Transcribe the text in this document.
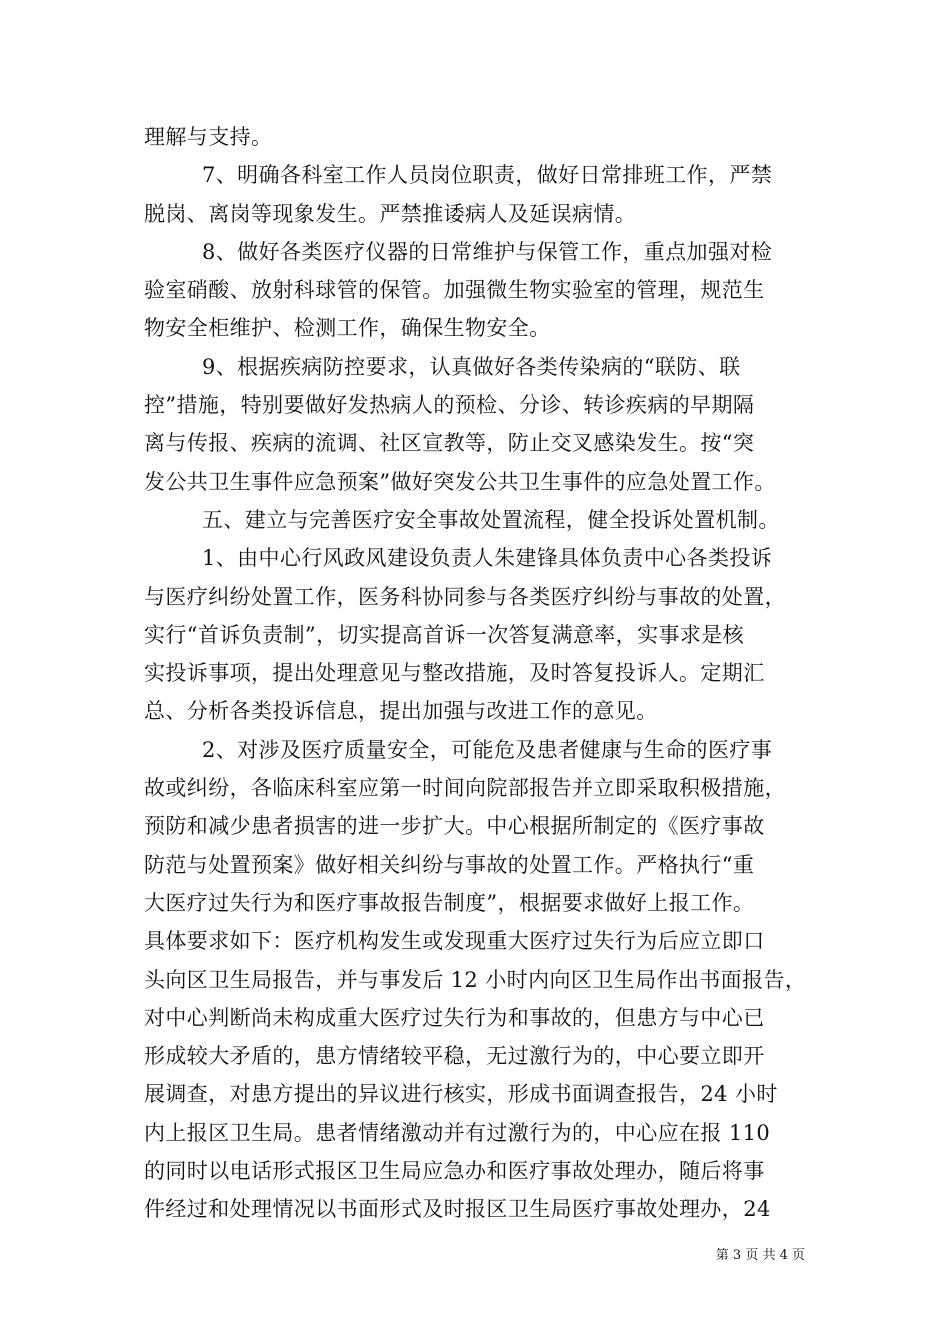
理解与支持。
7、明确各科室工作人员岗位职责，做好日常排班工作，严禁
脱岗、离岗等现象发生。严禁推诿病人及延误病情。
8、做好各类医疗仪器的日常维护与保管工作，重点加强对检
验室硝酸、放射科球管的保管。加强微生物实验室的管理，规范生
物安全柜维护、检测工作，确保生物安全。
9、根据疾病防控要求，认真做好各类传染病的“联防、联
控”措施，特别要做好发热病人的预检、分诊、转诊疾病的早期隔
离与传报、疾病的流调、社区宣教等，防止交叉感染发生。按“突
发公共卫生事件应急预案”做好突发公共卫生事件的应急处置工作。
五、建立与完善医疗安全事故处置流程，健全投诉处置机制。
1、由中心行风政风建设负责人朱建锋具体负责中心各类投诉
与医疗纠纷处置工作，医务科协同参与各类医疗纠纷与事故的处置，
实行“首诉负责制”，切实提高首诉一次答复满意率，实事求是核
实投诉事项，提出处理意见与整改措施，及时答复投诉人。定期汇
总、分析各类投诉信息，提出加强与改进工作的意见。
2、对涉及医疗质量安全，可能危及患者健康与生命的医疗事
故或纠纷，各临床科室应第一时间向院部报告并立即采取积极措施，
预防和减少患者损害的进一步扩大。中心根据所制定的《医疗事故
防范与处置预案》做好相关纠纷与事故的处置工作。严格执行“重
大医疗过失行为和医疗事故报告制度”，根据要求做好上报工作。
具体要求如下：医疗机构发生或发现重大医疗过失行为后应立即口
头向区卫生局报告，并与事发后 12 小时内向区卫生局作出书面报告，
对中心判断尚未构成重大医疗过失行为和事故的，但患方与中心已
形成较大矛盾的，患方情绪较平稳，无过激行为的，中心要立即开
展调查，对患方提出的异议进行核实，形成书面调查报告，24 小时
内上报区卫生局。患者情绪激动并有过激行为的，中心应在报 110
的同时以电话形式报区卫生局应急办和医疗事故处理办，随后将事
件经过和处理情况以书面形式及时报区卫生局医疗事故处理办，24
第 3 页 共 4 页
